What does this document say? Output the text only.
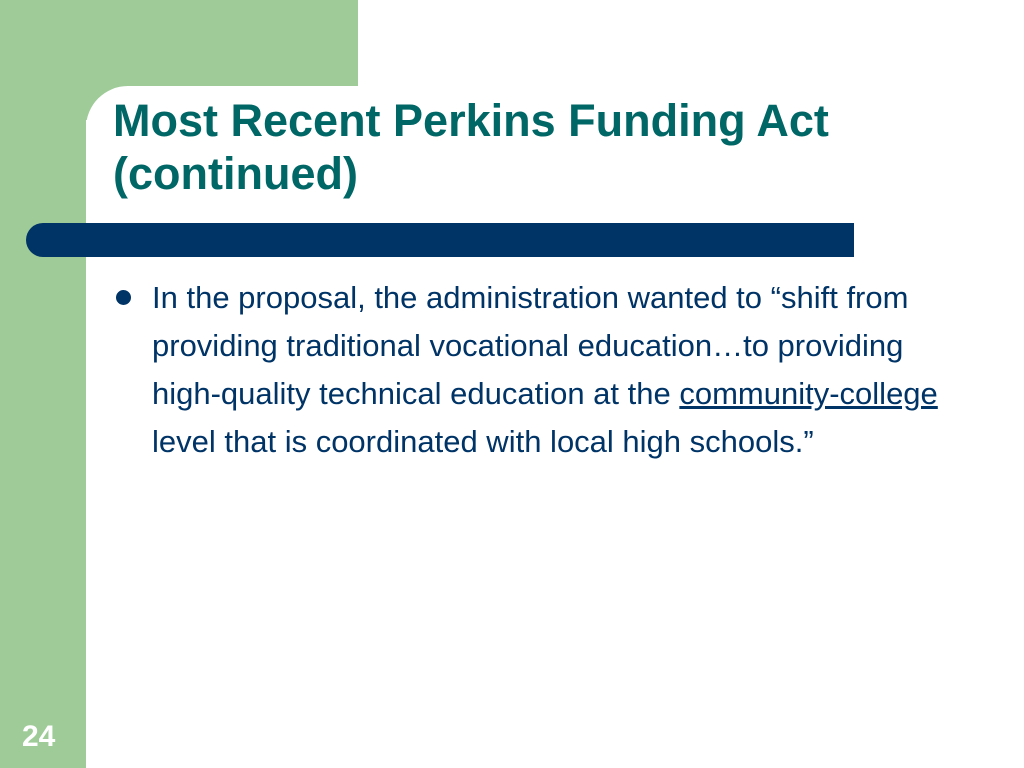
Most Recent Perkins Funding Act
(continued)
In the proposal, the administration wanted to “shift from providing traditional vocational education…to providing high-quality technical education at the community-college level that is coordinated with local high schools.”
24
